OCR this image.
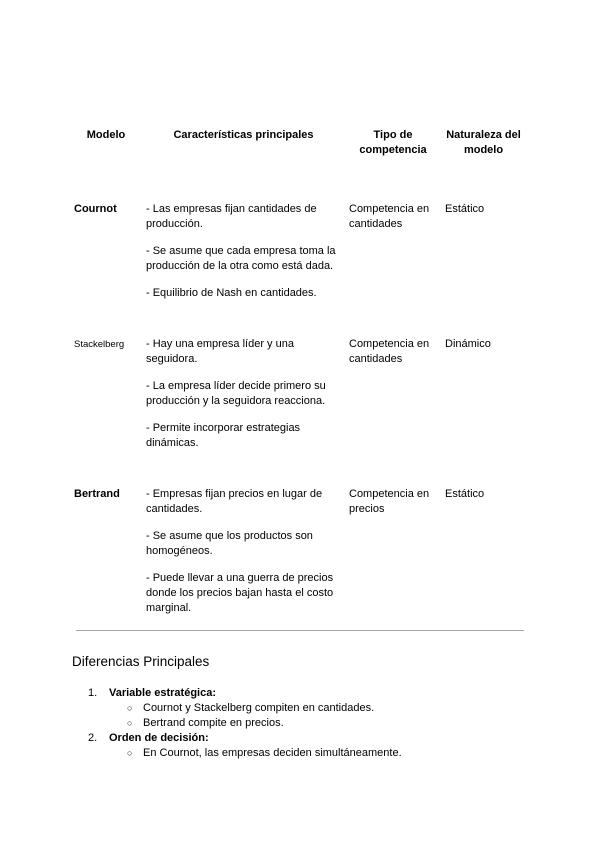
Modelo	Características principales	Tipo de competencia	Naturaleza del modelo
Cournot	- Las empresas fijan cantidades de producción.

- Se asume que cada empresa toma la producción de la otra como está dada.

- Equilibrio de Nash en cantidades.	Competencia en cantidades	Estático
Stackelberg	- Hay una empresa líder y una seguidora.

- La empresa líder decide primero su producción y la seguidora reacciona.

- Permite incorporar estrategias dinámicas.	Competencia en cantidades	Dinámico
Bertrand	- Empresas fijan precios en lugar de cantidades.

- Se asume que los productos son homogéneos.

- Puede llevar a una guerra de precios donde los precios bajan hasta el costo marginal.	Competencia en precios	Estático
Diferencias Principales
1. Variable estratégica:
○ Cournot y Stackelberg compiten en cantidades.
○ Bertrand compite en precios.
2. Orden de decisión:
○ En Cournot, las empresas deciden simultáneamente.
